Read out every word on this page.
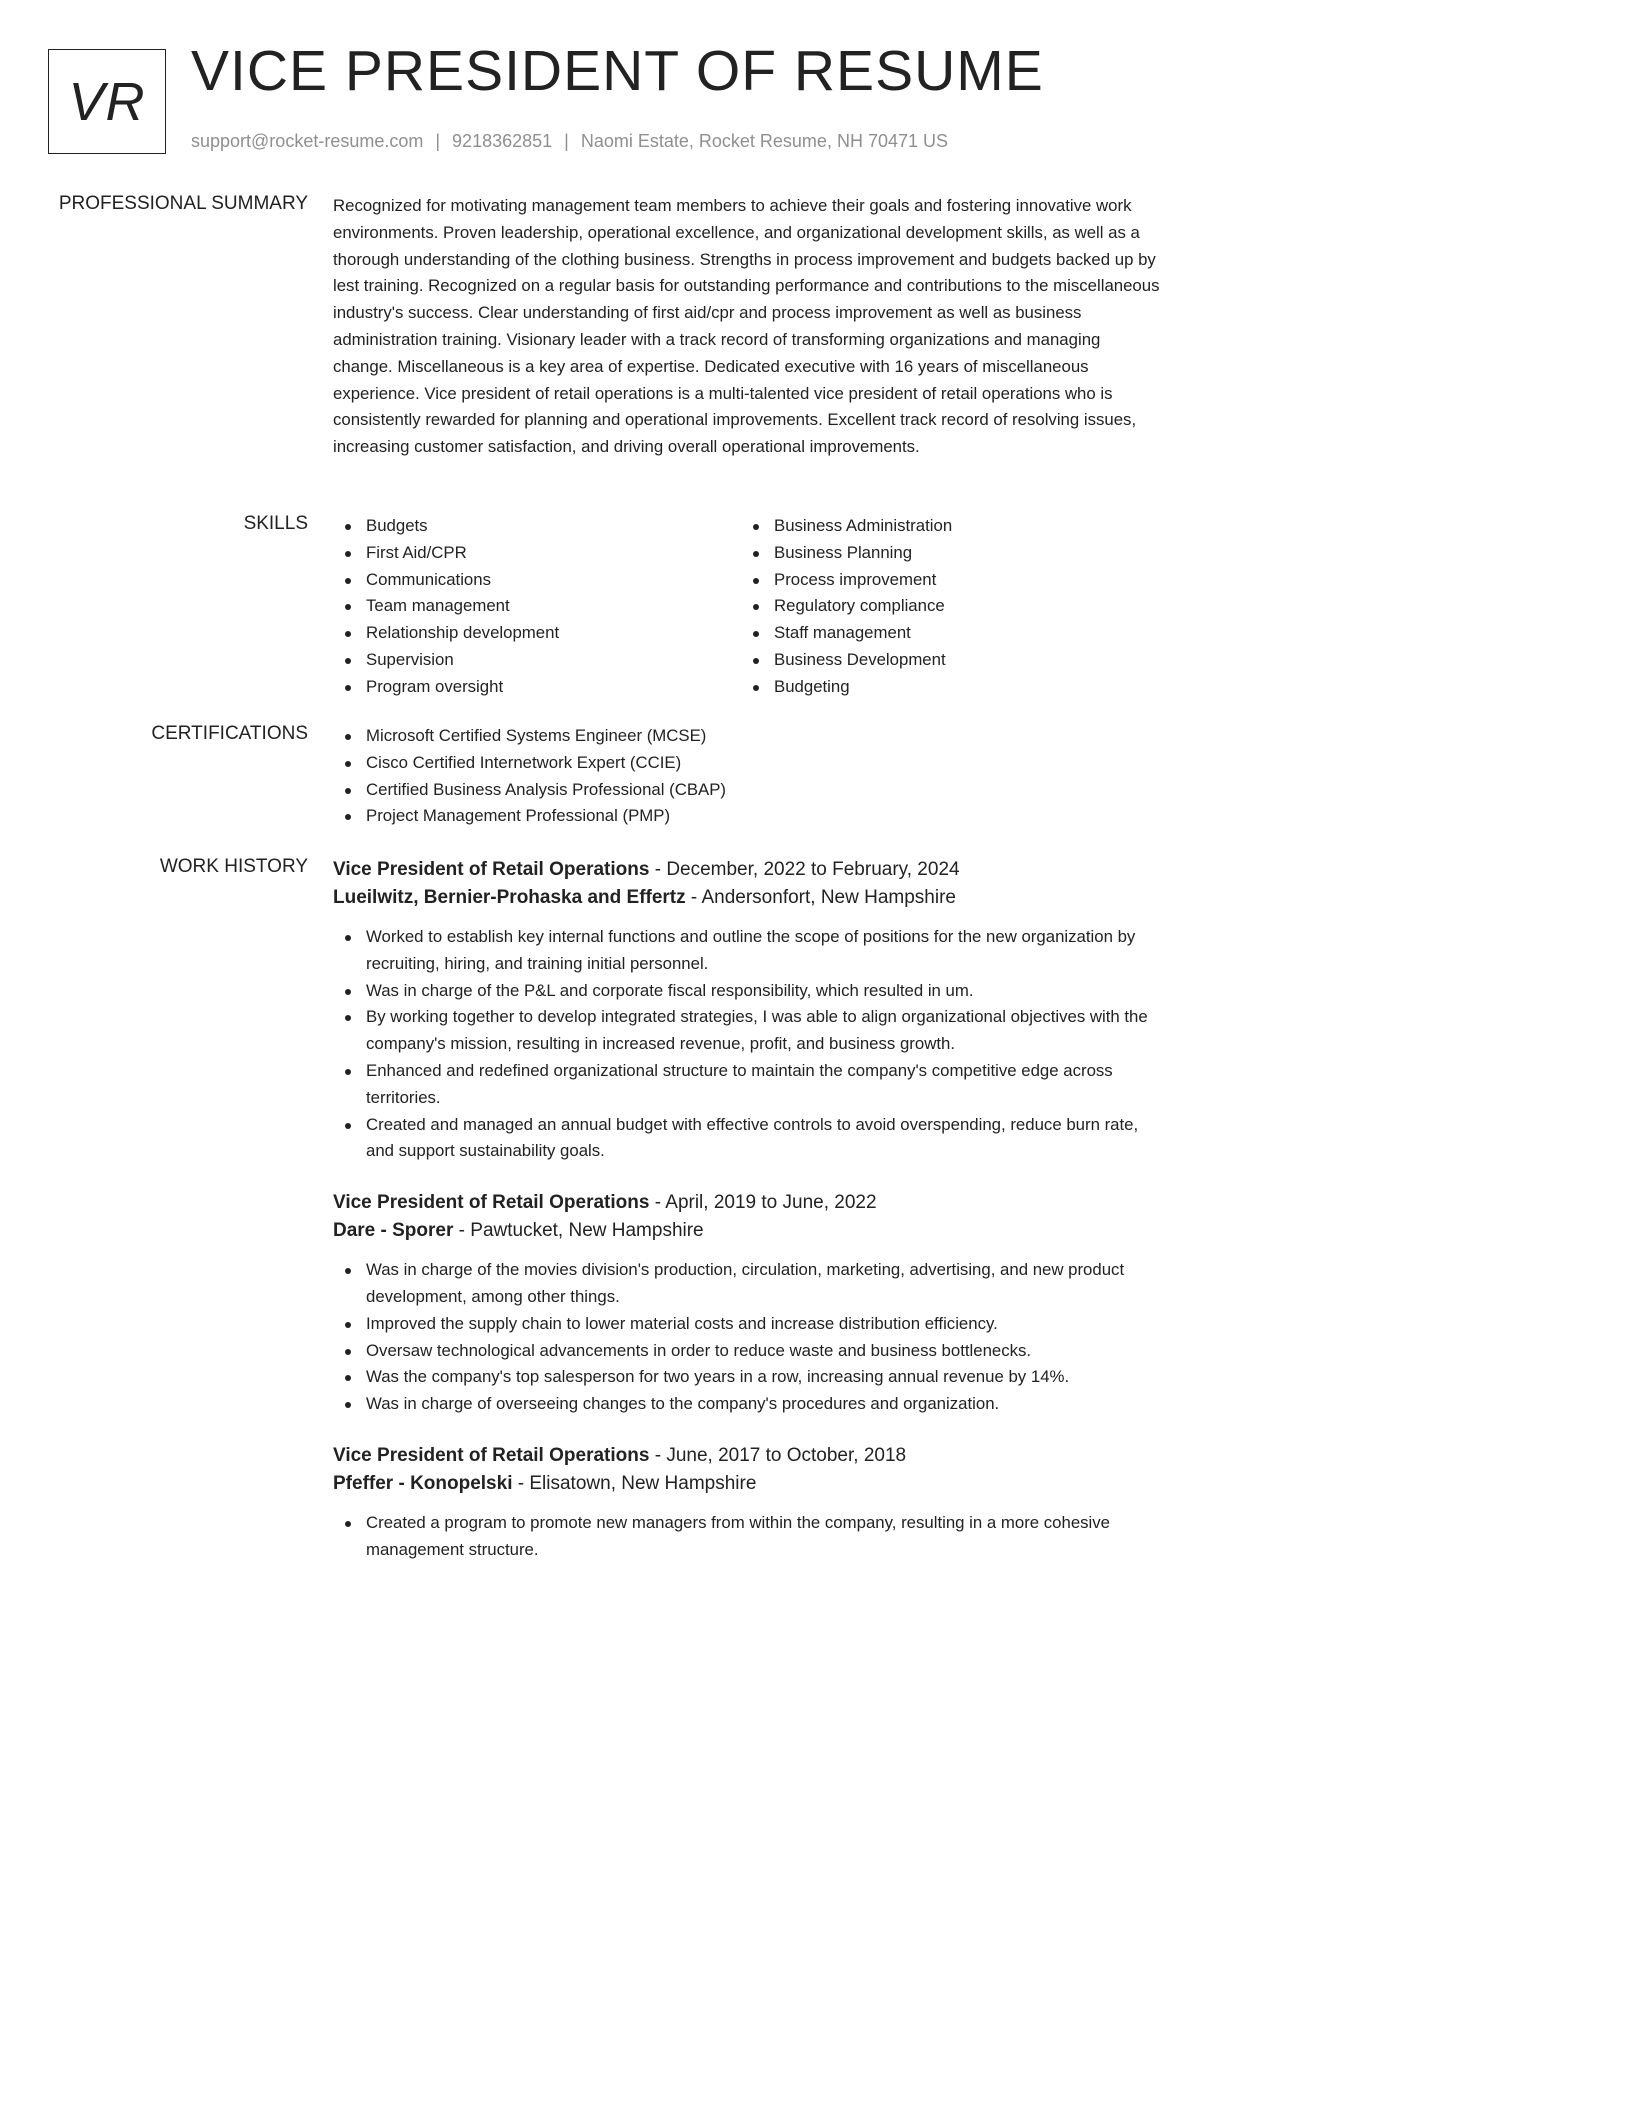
VR VICE PRESIDENT OF RESUME
support@rocket-resume.com | 9218362851 | Naomi Estate, Rocket Resume, NH 70471 US
PROFESSIONAL SUMMARY Recognized for motivating management team members to achieve their goals and fostering innovative work environments. Proven leadership, operational excellence, and organizational development skills, as well as a thorough understanding of the clothing business. Strengths in process improvement and budgets backed up by lest training. Recognized on a regular basis for outstanding performance and contributions to the miscellaneous industry's success. Clear understanding of first aid/cpr and process improvement as well as business administration training. Visionary leader with a track record of transforming organizations and managing change. Miscellaneous is a key area of expertise. Dedicated executive with 16 years of miscellaneous experience. Vice president of retail operations is a multi-talented vice president of retail operations who is consistently rewarded for planning and operational improvements. Excellent track record of resolving issues, increasing customer satisfaction, and driving overall operational improvements.
SKILLS	Budgets
First Aid/CPR
Communications
Team management
Relationship development
Supervision
Program oversight
Business Administration
Business Planning
Process improvement
Regulatory compliance
Staff management
Business Development
Budgeting
CERTIFICATIONS	Microsoft Certified Systems Engineer (MCSE)
Cisco Certified Internetwork Expert (CCIE)
Certified Business Analysis Professional (CBAP)
Project Management Professional (PMP)
WORK HISTORY Vice President of Retail Operations - December, 2022 to February, 2024
Lueilwitz, Bernier-Prohaska and Effertz - Andersonfort, New Hampshire
Worked to establish key internal functions and outline the scope of positions for the new organization by recruiting, hiring, and training initial personnel.
Was in charge of the P&L and corporate fiscal responsibility, which resulted in um.
By working together to develop integrated strategies, I was able to align organizational objectives with the company's mission, resulting in increased revenue, profit, and business growth.
Enhanced and redefined organizational structure to maintain the company's competitive edge across territories.
Created and managed an annual budget with effective controls to avoid overspending, reduce burn rate, and support sustainability goals.
Vice President of Retail Operations - April, 2019 to June, 2022
Dare - Sporer - Pawtucket, New Hampshire
Was in charge of the movies division's production, circulation, marketing, advertising, and new product development, among other things.
Improved the supply chain to lower material costs and increase distribution efficiency.
Oversaw technological advancements in order to reduce waste and business bottlenecks.
Was the company's top salesperson for two years in a row, increasing annual revenue by 14%.
Was in charge of overseeing changes to the company's procedures and organization.
Vice President of Retail Operations - June, 2017 to October, 2018
Pfeffer - Konopelski - Elisatown, New Hampshire
Created a program to promote new managers from within the company, resulting in a more cohesive management structure.
